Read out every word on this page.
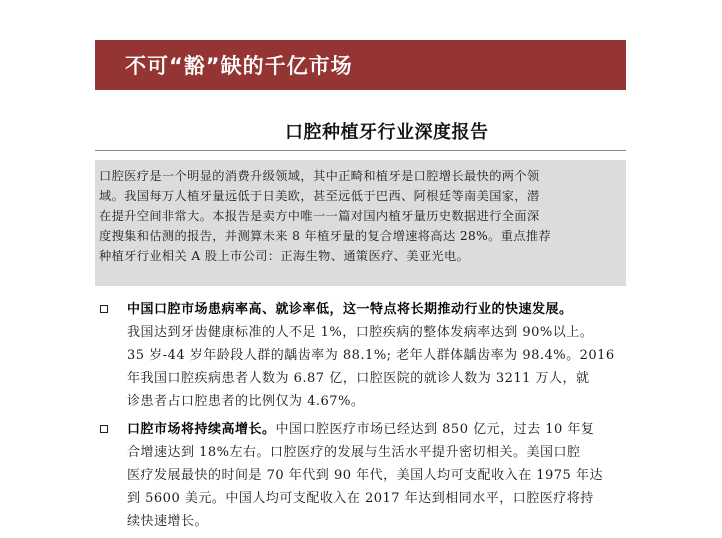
不可“豁”缺的千亿市场
口腔种植牙行业深度报告
口腔医疗是一个明显的消费升级领域，其中正畸和植牙是口腔增长最快的两个领
域。我国每万人植牙量远低于日美欧，甚至远低于巴西、阿根廷等南美国家，潜
在提升空间非常大。本报告是卖方中唯一一篇对国内植牙量历史数据进行全面深
度搜集和估测的报告，并测算未来 8 年植牙量的复合增速将高达 28%。重点推荐
种植牙行业相关 A 股上市公司：正海生物、通策医疗、美亚光电。
中国口腔市场患病率高、就诊率低，这一特点将长期推动行业的快速发展。
我国达到牙齿健康标准的人不足 1%，口腔疾病的整体发病率达到 90%以上。
35 岁-44 岁年龄段人群的龋齿率为 88.1%; 老年人群体龋齿率为 98.4%。2016
年我国口腔疾病患者人数为 6.87 亿，口腔医院的就诊人数为 3211 万人，就
诊患者占口腔患者的比例仅为 4.67%。
口腔市场将持续高增长。中国口腔医疗市场已经达到 850 亿元，过去 10 年复
合增速达到 18%左右。口腔医疗的发展与生活水平提升密切相关。美国口腔
医疗发展最快的时间是 70 年代到 90 年代，美国人均可支配收入在 1975 年达
到 5600 美元。中国人均可支配收入在 2017 年达到相同水平，口腔医疗将持
续快速增长。
